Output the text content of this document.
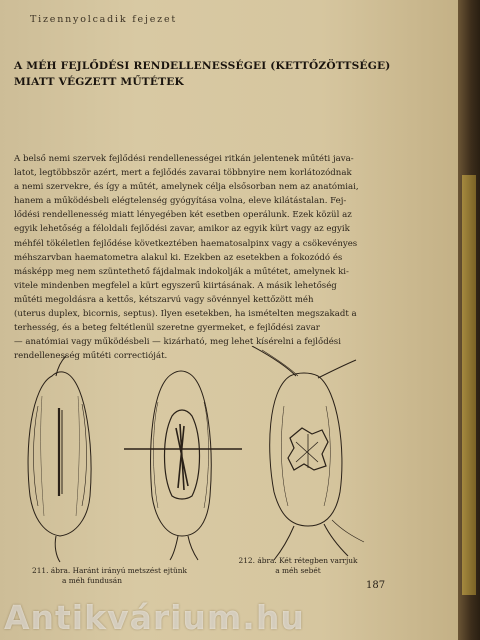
Tizennyolcadik fejezet
A MÉH FEJLŐDÉSI RENDELLENESSÉGEI (KETTŐZÖTTSÉGE)
MIATT VÉGZETT MŰTÉTEK
A belső nemi szervek fejlődési rendellenességei ritkán jelentenek műtéti java-
latot, legtöbbször azért, mert a fejlődés zavarai többnyire nem korlátozódnak
a nemi szervekre, és így a műtét, amelynek célja elsősorban nem az anatómiai,
hanem a működésbeli elégtelenség gyógyítása volna, eleve kilátástalan. Fej-
lődési rendellenesség miatt lényegében két esetben operálunk. Ezek közül az
egyik lehetőség a féloldali fejlődési zavar, amikor az egyik kürt vagy az egyik
méhfél tökéletlen fejlődése következtében haematosalpinx vagy a csökevényes
méhszarvban haematometra alakul ki. Ezekben az esetekben a fokozódó és
másképp meg nem szüntethető fájdalmak indokolják a műtétet, amelynek ki-
vitele mindenben megfelel a kürt egyszerű kiirtásának. A másik lehetőség
műtéti megoldásra a kettős, kétszarvú vagy sövénnyel kettőzött méh
(uterus duplex, bicornis, septus). Ilyen esetekben, ha ismételten megszakadt a
terhesség, és a beteg feltétlenül szeretne gyermeket, e fejlődési zavar
— anatómiai vagy működésbeli — kizárható, meg lehet kísérelni a fejlődési
rendellenesség műtéti correctióját.
211. ábra. Haránt irányú metszést ejtünk
a méh fundusán
212. ábra. Két rétegben varrjuk
a méh sebét
187
Antikvárium.hu
